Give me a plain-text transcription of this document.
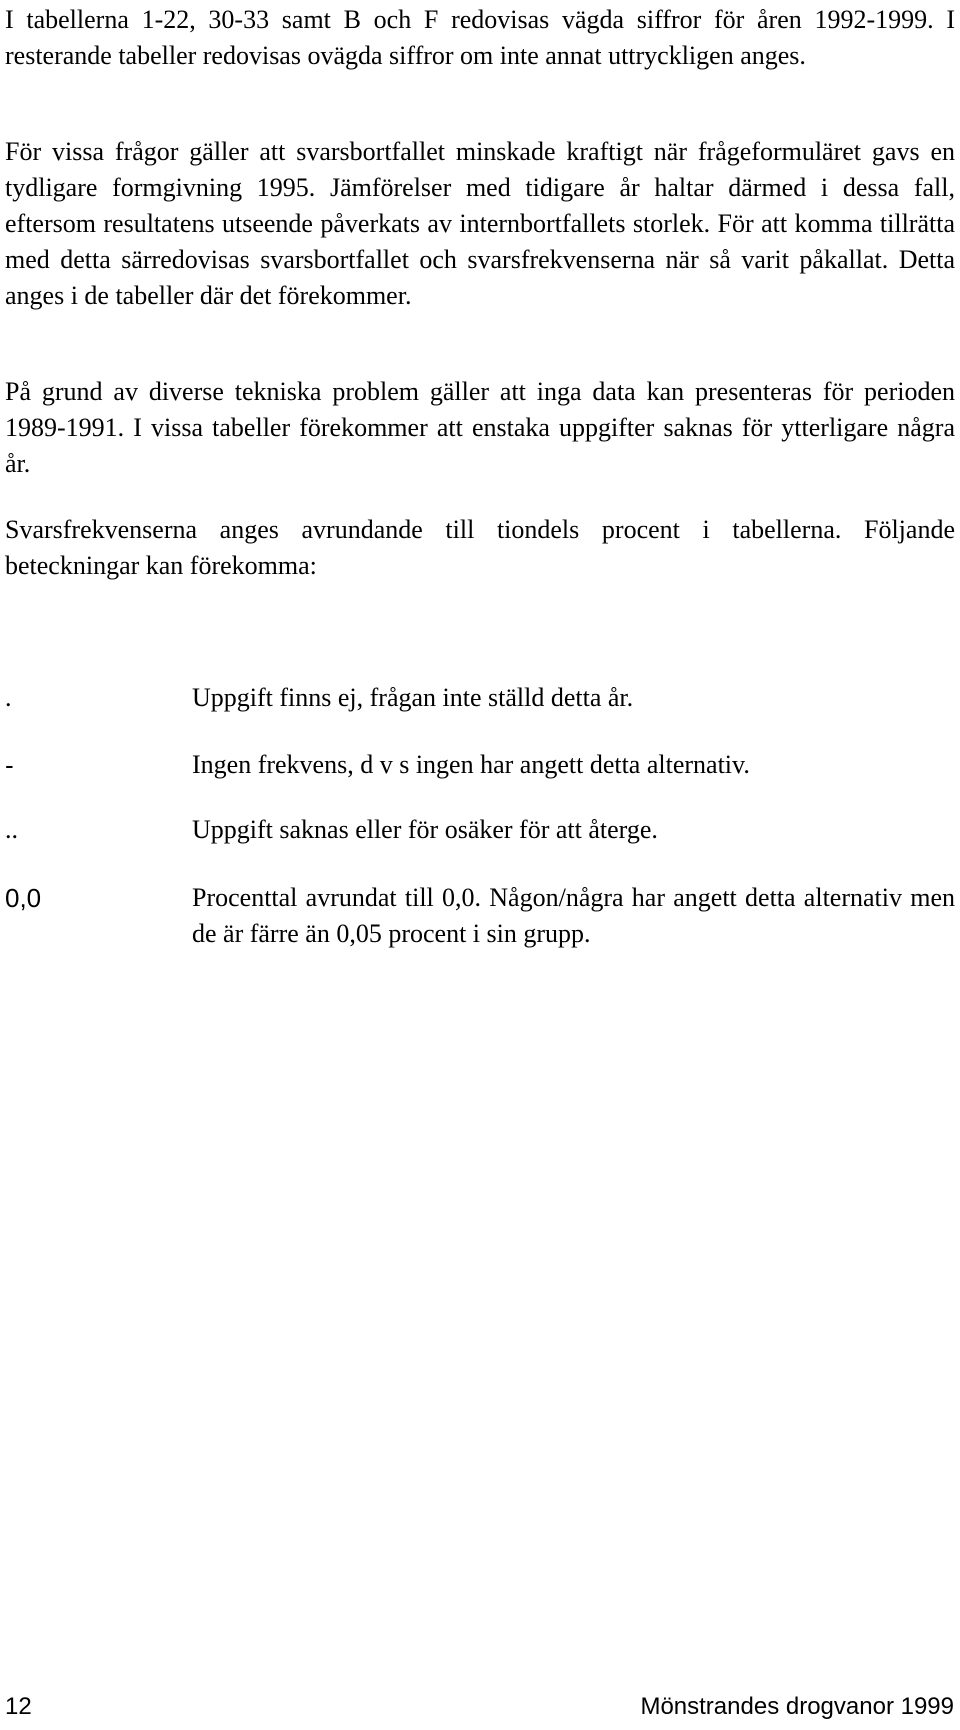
I tabellerna 1-22, 30-33 samt B och F redovisas vägda siffror för åren 1992-1999. I resterande tabeller redovisas ovägda siffror om inte annat uttryckligen anges.

För vissa frågor gäller att svarsbortfallet minskade kraftigt när frågeformuläret gavs en tydligare formgivning 1995. Jämförelser med tidigare år haltar därmed i dessa fall, eftersom resultatens utseende påverkats av internbortfallets storlek. För att komma tillrätta med detta särredovisas svarsbortfallet och svarsfrekvenserna när så varit påkallat. Detta anges i de tabeller där det förekommer.

På grund av diverse tekniska problem gäller att inga data kan presenteras för perioden 1989-1991. I vissa tabeller förekommer att enstaka uppgifter saknas för ytterligare några år.

Svarsfrekvenserna anges avrundande till tiondels procent i tabellerna. Följande beteckningar kan förekomma:

.	Uppgift finns ej, frågan inte ställd detta år.
-	Ingen frekvens, d v s ingen har angett detta alternativ.
..	Uppgift saknas eller för osäker för att återge.
0,0	Procenttal avrundat till 0,0. Någon/några har angett detta alternativ men de är färre än 0,05 procent i sin grupp.
12	Mönstrandes drogvanor 1999
